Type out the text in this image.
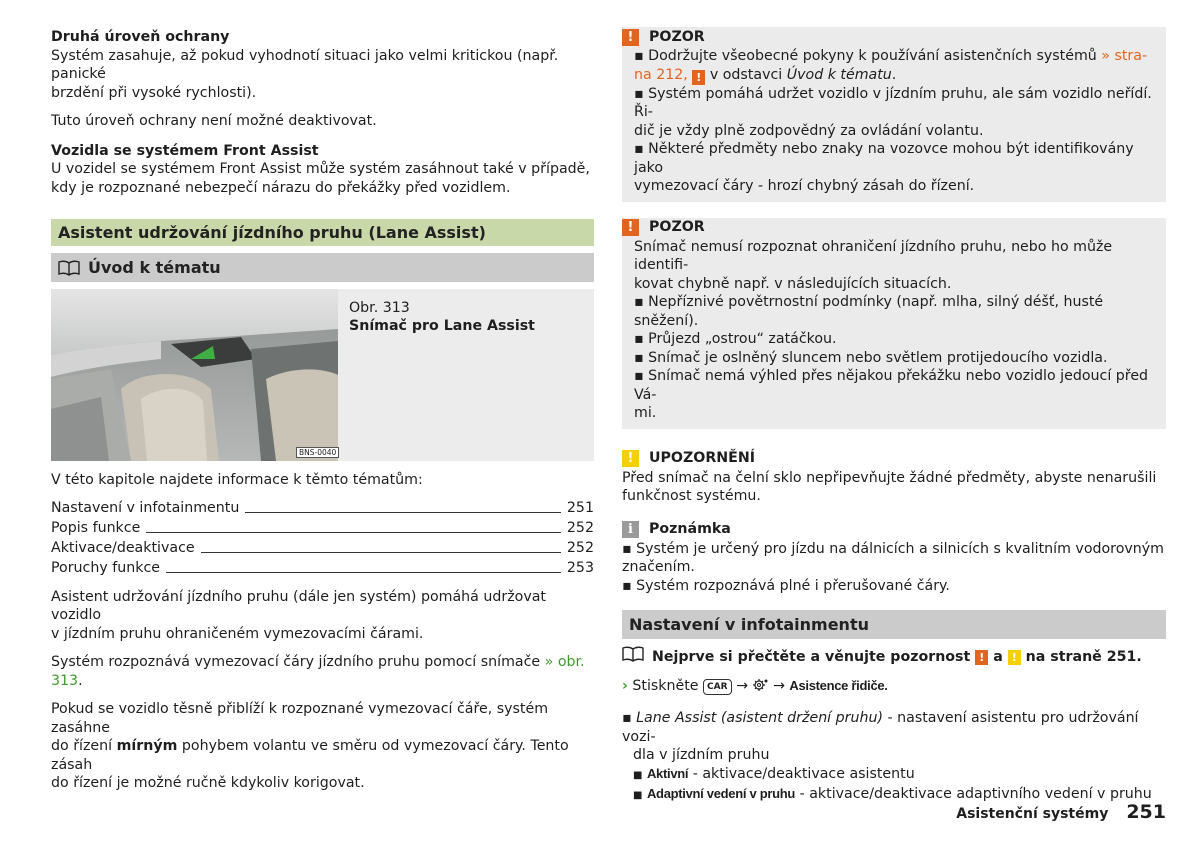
Druhá úroveň ochrany
Systém zasahuje, až pokud vyhodnotí situaci jako velmi kritickou (např. panické
brzdění při vysoké rychlosti).

Tuto úroveň ochrany není možné deaktivovat.

Vozidla se systémem Front Assist
U vozidel se systémem Front Assist může systém zasáhnout také v případě,
kdy je rozpoznané nebezpečí nárazu do překážky před vozidlem.
Asistent udržování jízdního pruhu (Lane Assist)
Úvod k tématu
BNS-0040
Obr. 313
Snímač pro Lane Assist

V této kapitole najdete informace k těmto tématům:

Nastavení v infotainmentu	251
Popis funkce	252
Aktivace/deaktivace	252
Poruchy funkce	253
Asistent udržování jízdního pruhu (dále jen systém) pomáhá udržovat vozidlo
v jízdním pruhu ohraničeném vymezovacími čárami.

Systém rozpoznává vymezovací čáry jízdního pruhu pomocí snímače » obr. 313.

Pokud se vozidlo těsně přiblíží k rozpoznané vymezovací čáře, systém zasáhne
do řízení mírným pohybem volantu ve směru od vymezovací čáry. Tento zásah
do řízení je možné ručně kdykoliv korigovat.
!	POZOR
▪ Dodržujte všeobecné pokyny k používání asistenčních systémů » stra-
na 212, ! v odstavci Úvod k tématu.
▪ Systém pomáhá udržet vozidlo v jízdním pruhu, ale sám vozidlo neřídí. Ři-
dič je vždy plně zodpovědný za ovládání volantu.
▪ Některé předměty nebo znaky na vozovce mohou být identifikovány jako
vymezovací čáry - hrozí chybný zásah do řízení.
!	POZOR
Snímač nemusí rozpoznat ohraničení jízdního pruhu, nebo ho může identifi-
kovat chybně např. v následujících situacích.
▪ Nepříznivé povětrnostní podmínky (např. mlha, silný déšť, husté sněžení).
▪ Průjezd „ostrou“ zatáčkou.
▪ Snímač je oslněný sluncem nebo světlem protijedoucího vozidla.
▪ Snímač nemá výhled přes nějakou překážku nebo vozidlo jedoucí před Vá-
mi.
!	UPOZORNĚNÍ
Před snímač na čelní sklo nepřipevňujte žádné předměty, abyste nenarušili
funkčnost systému.
i	Poznámka
▪ Systém je určený pro jízdu na dálnicích a silnicích s kvalitním vodorovným
značením.
▪ Systém rozpoznává plné i přerušované čáry.
Nastavení v infotainmentu
Nejprve si přečtěte a věnujte pozornost
!
a
!
na straně 251.
› Stiskněte CAR → → Asistence řidiče.
▪ Lane Assist (asistent držení pruhu) - nastavení asistentu pro udržování vozi-
dla v jízdním pruhu
■ Aktivní - aktivace/deaktivace asistentu
■ Adaptivní vedení v pruhu - aktivace/deaktivace adaptivního vedení v pruhu
Asistenční systémy 251
